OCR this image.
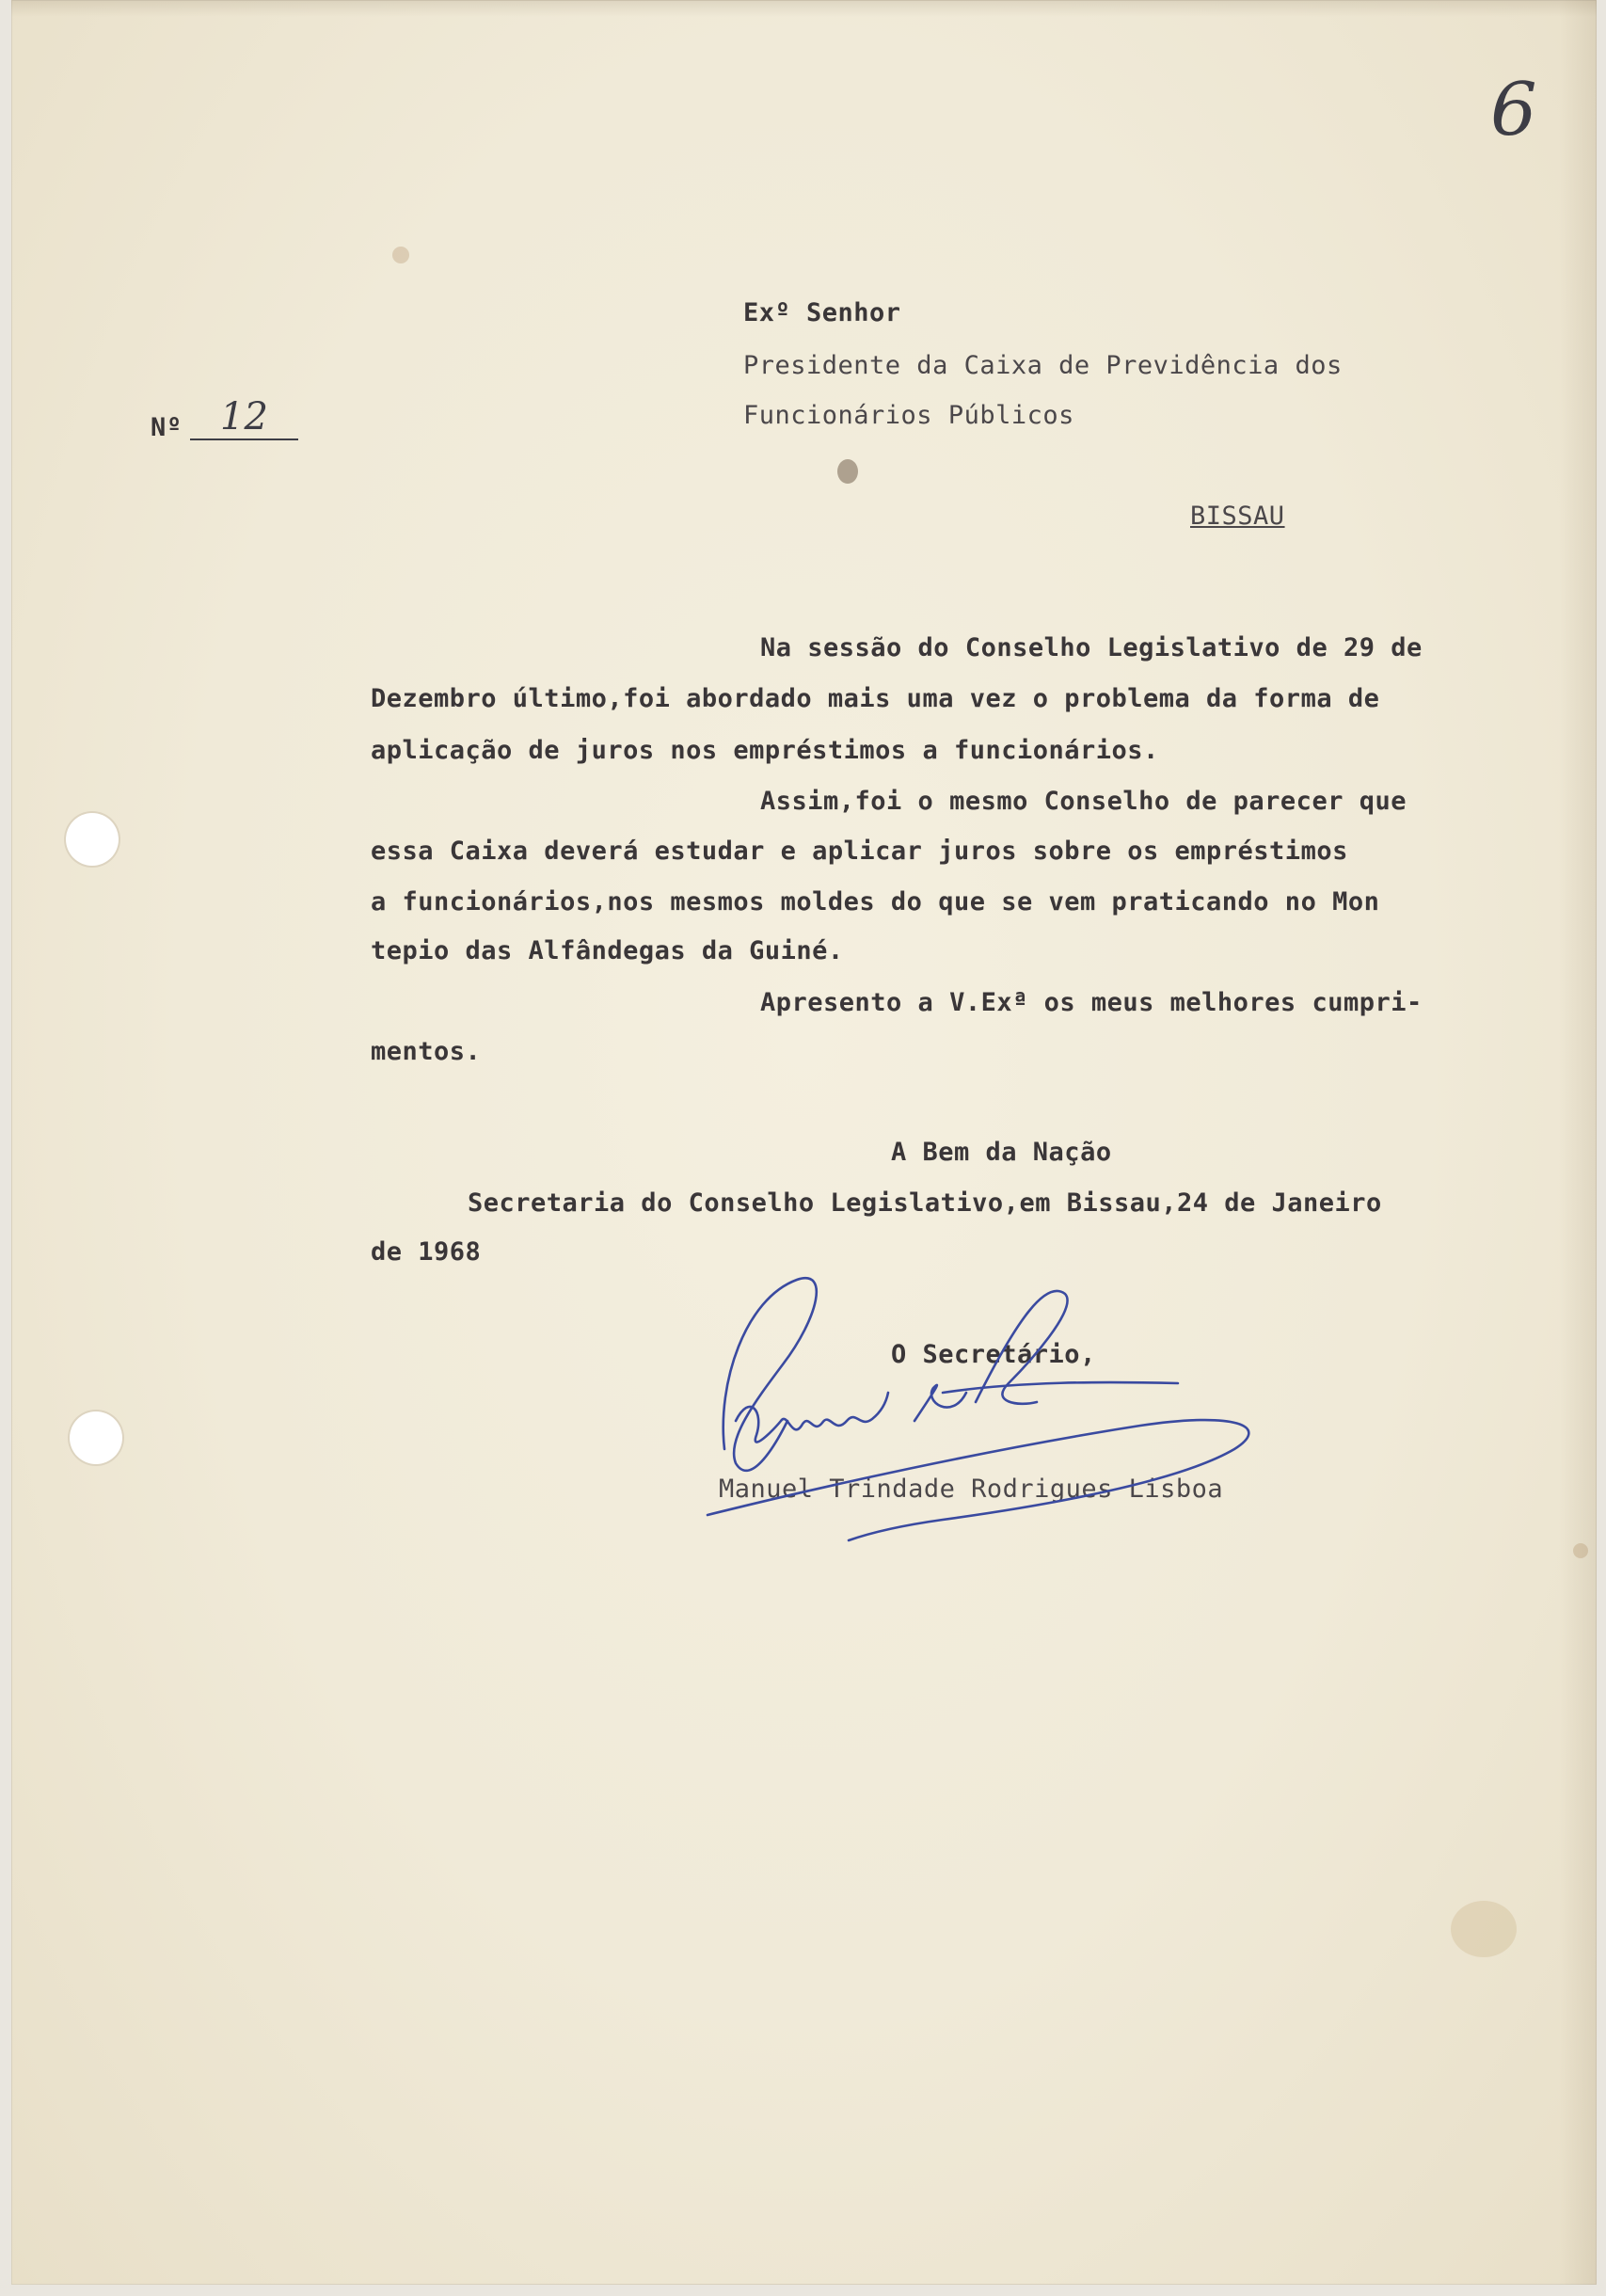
6
Nº	12
Exº Senhor
Presidente da Caixa de Previdência dos
Funcionários Públicos
BISSAU
Na sessão do Conselho Legislativo de 29 de
Dezembro último,foi abordado mais uma vez o problema da forma de
aplicação de juros nos empréstimos a funcionários.
Assim,foi o mesmo Conselho de parecer que
essa Caixa deverá estudar e aplicar juros sobre os empréstimos
a funcionários,nos mesmos moldes do que se vem praticando no Mon
tepio das Alfândegas da Guiné.
Apresento a V.Exª os meus melhores cumpri-
mentos.
A Bem da Nação
Secretaria do Conselho Legislativo,em Bissau,24 de Janeiro
de 1968
O Secretário,
Manuel Trindade Rodrigues Lisboa
